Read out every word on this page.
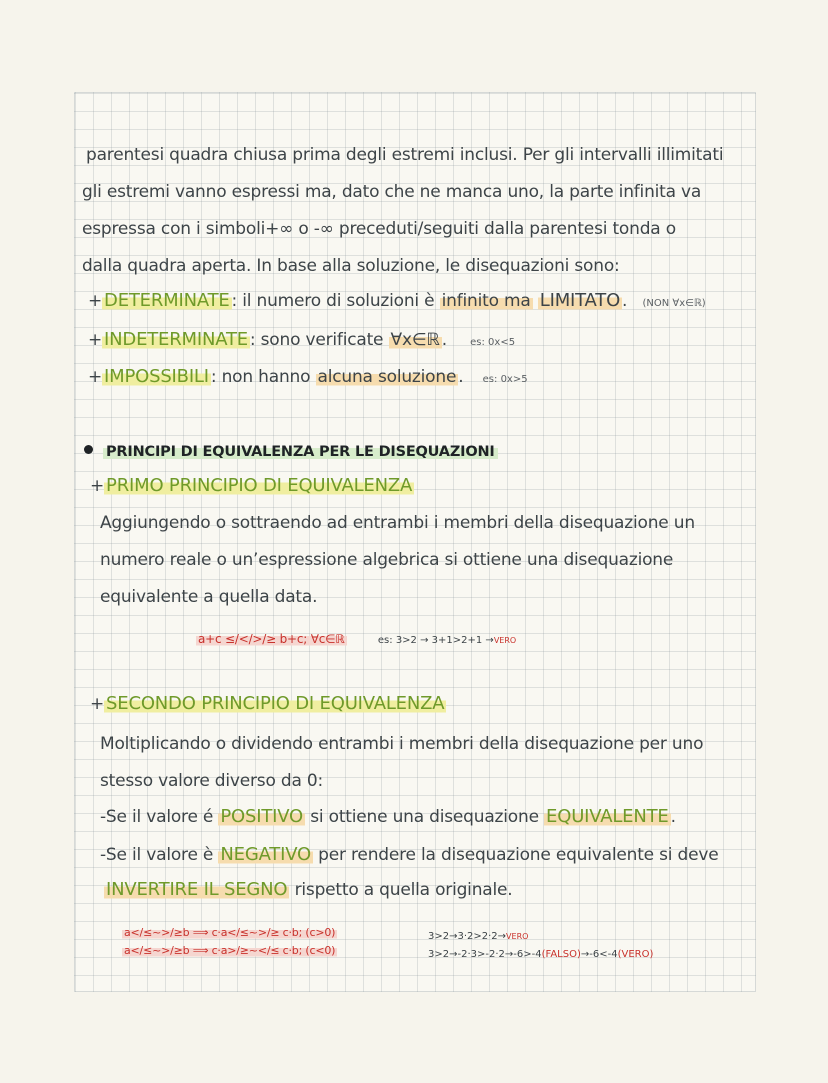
parentesi quadra chiusa prima degli estremi inclusi. Per gli intervalli illimitati
gli estremi vanno espressi ma, dato che ne manca uno, la parte infinita va
espressa con i simboli+∞ o -∞ preceduti/seguiti dalla parentesi tonda o
dalla quadra aperta. In base alla soluzione, le disequazioni sono:
+ DETERMINATE : il numero di soluzioni è infinito ma LIMITATO . (NON ∀x∈ℝ)
+ INDETERMINATE : sono verificate ∀x∈ℝ . es: 0x<5
+ IMPOSSIBILI : non hanno alcuna soluzione . es: 0x>5
PRINCIPI DI EQUIVALENZA PER LE DISEQUAZIONI
+ PRIMO PRINCIPIO DI EQUIVALENZA
Aggiungendo o sottraendo ad entrambi i membri della disequazione un
numero reale o un’espressione algebrica si ottiene una disequazione
equivalente a quella data.
a+c ≤/</>/≥ b+c; ∀c∈ℝ	es: 3>2 → 3+1>2+1 →VERO
+ SECONDO PRINCIPIO DI EQUIVALENZA
Moltiplicando o dividendo entrambi i membri della disequazione per uno
stesso valore diverso da 0:
-Se il valore é POSITIVO si ottiene una disequazione EQUIVALENTE .
-Se il valore è NEGATIVO per rendere la disequazione equivalente si deve
INVERTIRE IL SEGNO rispetto a quella originale.
a</≤~>/≥b ⟹ c·a</≤~>/≥ c·b; (c>0)
a</≤~>/≥b ⟹ c·a>/≥~</≤ c·b; (c<0)
3>2→3·2>2·2→VERO
3>2→-2·3>-2·2→-6>-4(FALSO)→-6<-4(VERO)
